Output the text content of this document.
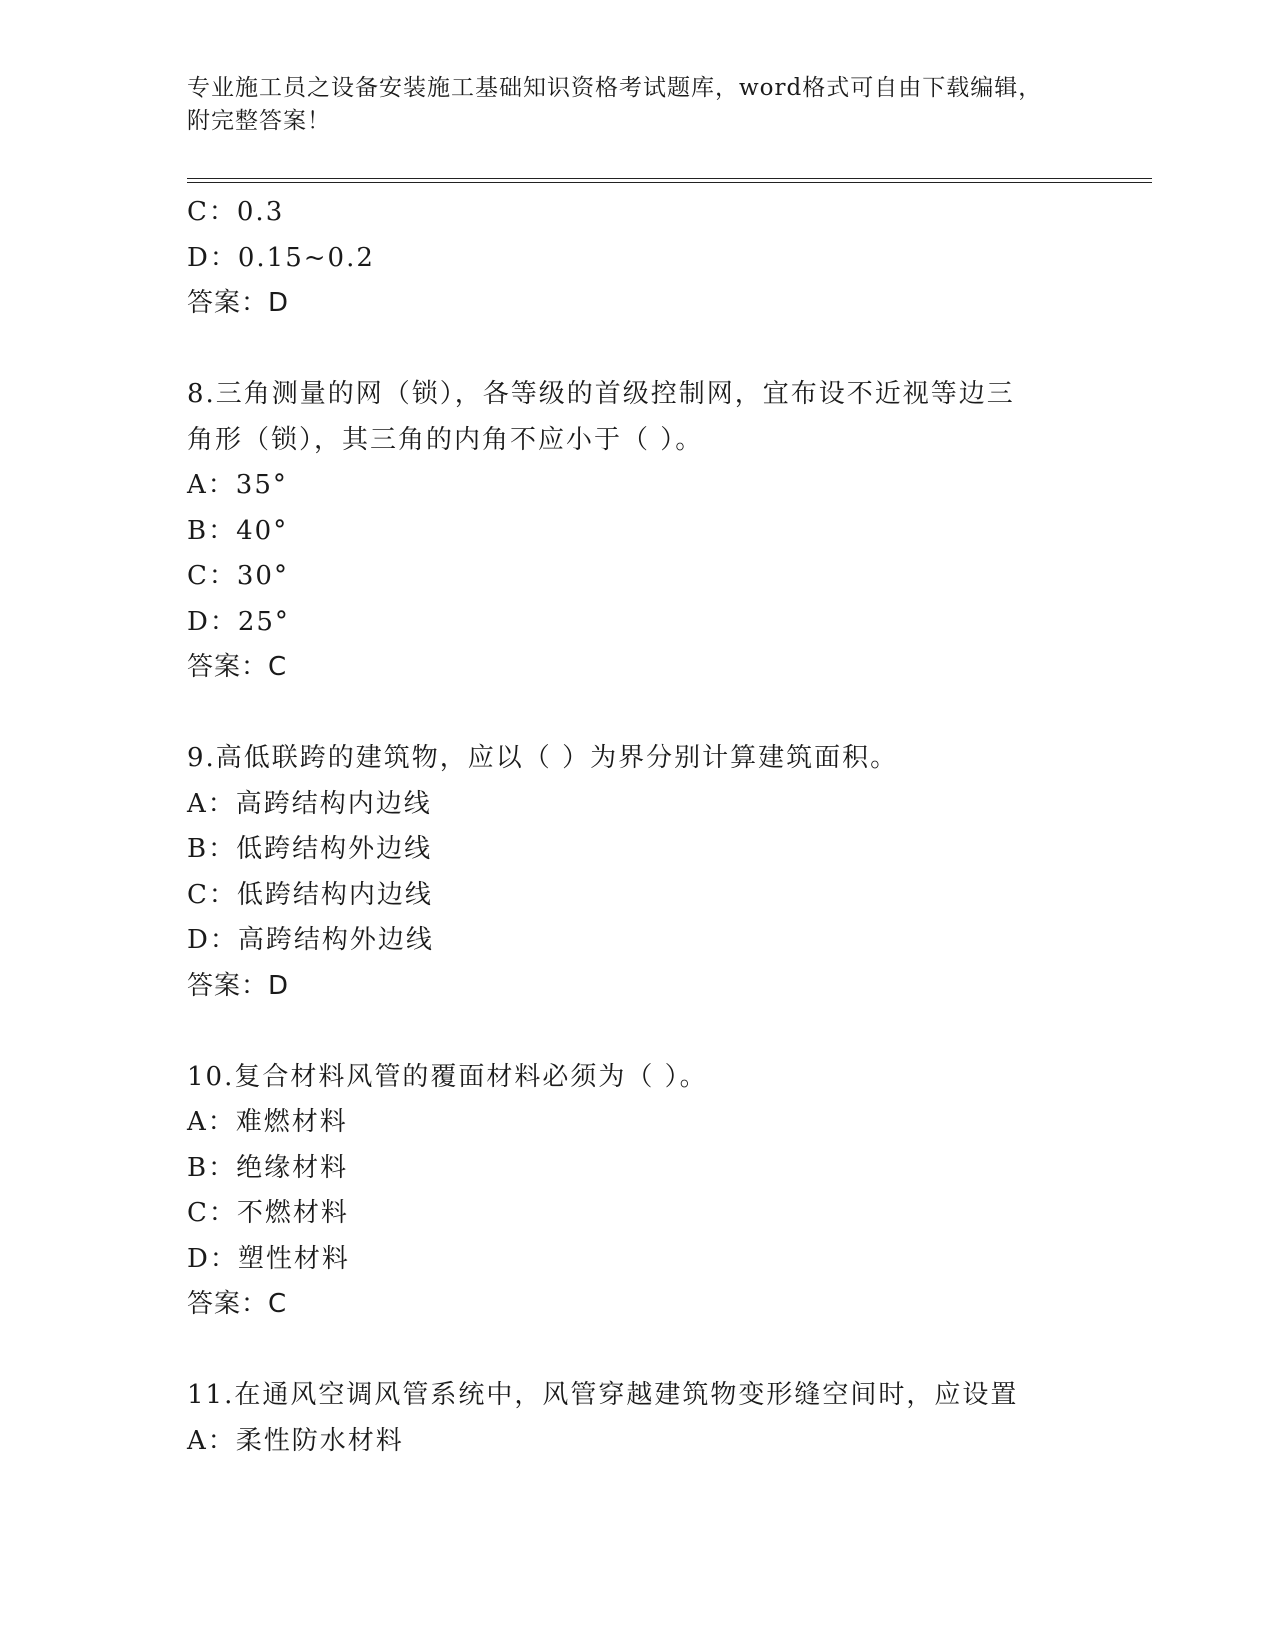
专业施工员之设备安装施工基础知识资格考试题库，word格式可自由下载编辑，
附完整答案！
C：0.3
D：0.15~0.2
答案：D
8.三角测量的网（锁），各等级的首级控制网，宜布设不近视等边三
角形（锁），其三角的内角不应小于（ ）。
A：35°
B：40°
C：30°
D：25°
答案：C
9.高低联跨的建筑物，应以（ ）为界分别计算建筑面积。
A：高跨结构内边线
B：低跨结构外边线
C：低跨结构内边线
D：高跨结构外边线
答案：D
10.复合材料风管的覆面材料必须为（ ）。
A：难燃材料
B：绝缘材料
C：不燃材料
D：塑性材料
答案：C
11.在通风空调风管系统中，风管穿越建筑物变形缝空间时，应设置
A：柔性防水材料
